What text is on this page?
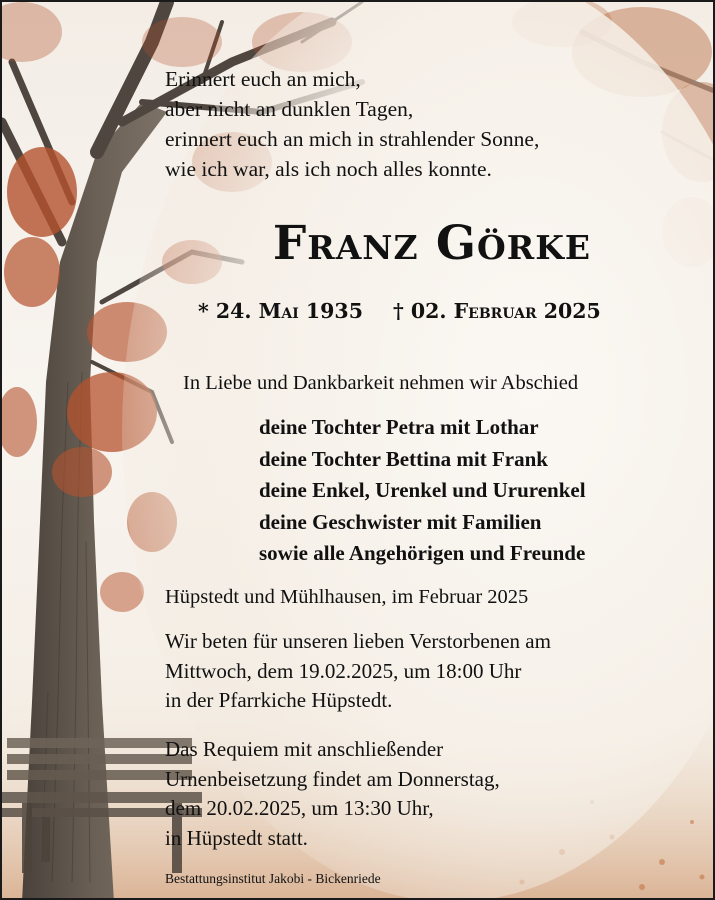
Erinnert euch an mich,
aber nicht an dunklen Tagen,
erinnert euch an mich in strahlender Sonne,
wie ich war, als ich noch alles konnte.
Franz Görke
* 24. Mai 1935 † 02. Februar 2025
In Liebe und Dankbarkeit nehmen wir Abschied
deine Tochter Petra mit Lothar
deine Tochter Bettina mit Frank
deine Enkel, Urenkel und Ururenkel
deine Geschwister mit Familien
sowie alle Angehörigen und Freunde
Hüpstedt und Mühlhausen, im Februar 2025
Wir beten für unseren lieben Verstorbenen am
Mittwoch, dem 19.02.2025, um 18:00 Uhr
in der Pfarrkiche Hüpstedt.
Das Requiem mit anschließender
Urnenbeisetzung findet am Donnerstag,
dem 20.02.2025, um 13:30 Uhr,
in Hüpstedt statt.
Bestattungsinstitut Jakobi - Bickenriede
